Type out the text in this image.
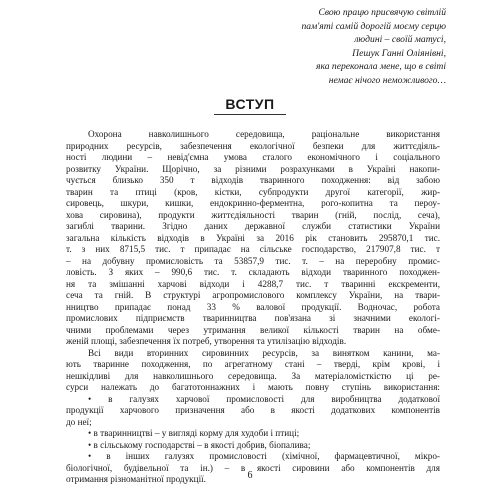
Свою працю присвячую світлій
пам'яті самій дорогій моєму серцю
людині – своїй матусі,
Пешук Ганні Оліянівні,
яка переконала мене, що в світі
немає нічого неможливого…
ВСТУП
Охорона навколишнього середовища, раціональне використання
природних ресурсів, забезпечення екологічної безпеки для життєдіяль-
ності людини – невід'ємна умова сталого економічного і соціального
розвитку України. Щорічно, за різними розрахунками в Україні накопи-
чується близько 350 т відходів тваринного походження: від забою
тварин та птиці (кров, кістки, субпродукти другої категорії, жир-
сировець, шкури, кишки, ендокринно-ферментна, рого-копитна та пероу-
хова сировина), продукти життєдіяльності тварин (гній, послід, сеча),
загиблі тварини. Згідно даних державної служби статистики України
загальна кількість відходів в Україні за 2016 рік становить 295870,1 тис.
т. з них 8715,5 тис. т припадає на сільське господарство, 217907,8 тис. т
– на добувну промисловість та 53857,9 тис. т. – на переробну промис-
ловість. З яких – 990,6 тис. т. складають відходи тваринного походжен-
ня та змішанні харчові відходи і 4288,7 тис. т тваринні екскременти,
сеча та гній. В структурі агропромислового комплексу України, на твари-
нництво припадає понад 33 % валової продукції. Водночас, робота
промислових підприємств тваринництва пов'язана зі значними екологі-
чними проблемами через утримання великої кількості тварин на обме-
женій площі, забезпечення їх потреб, утворення та утилізацію відходів.
Всі види вторинних сировинних ресурсів, за винятком канини, ма-
ють тваринне походження, по агрегатному стані – тверді, крім крові, і
нешкідливі для навколишнього середовища. За матеріаломісткістю ці ре-
сурси належать до багатотоннажних і мають повну ступінь використання:
• в галузях харчової промисловості для виробництва додаткової
продукції харчового призначення або в якості додаткових компонентів
до неї;
• в тваринництві – у вигляді корму для худоби і птиці;
• в сільському господарстві – в якості добрив, біопалива;
• в інших галузях промисловості (хімічної, фармацевтичної, мікро-
біологічної, будівельної та ін.) – в якості сировини або компонентів для
отримання різноманітної продукції.	6
